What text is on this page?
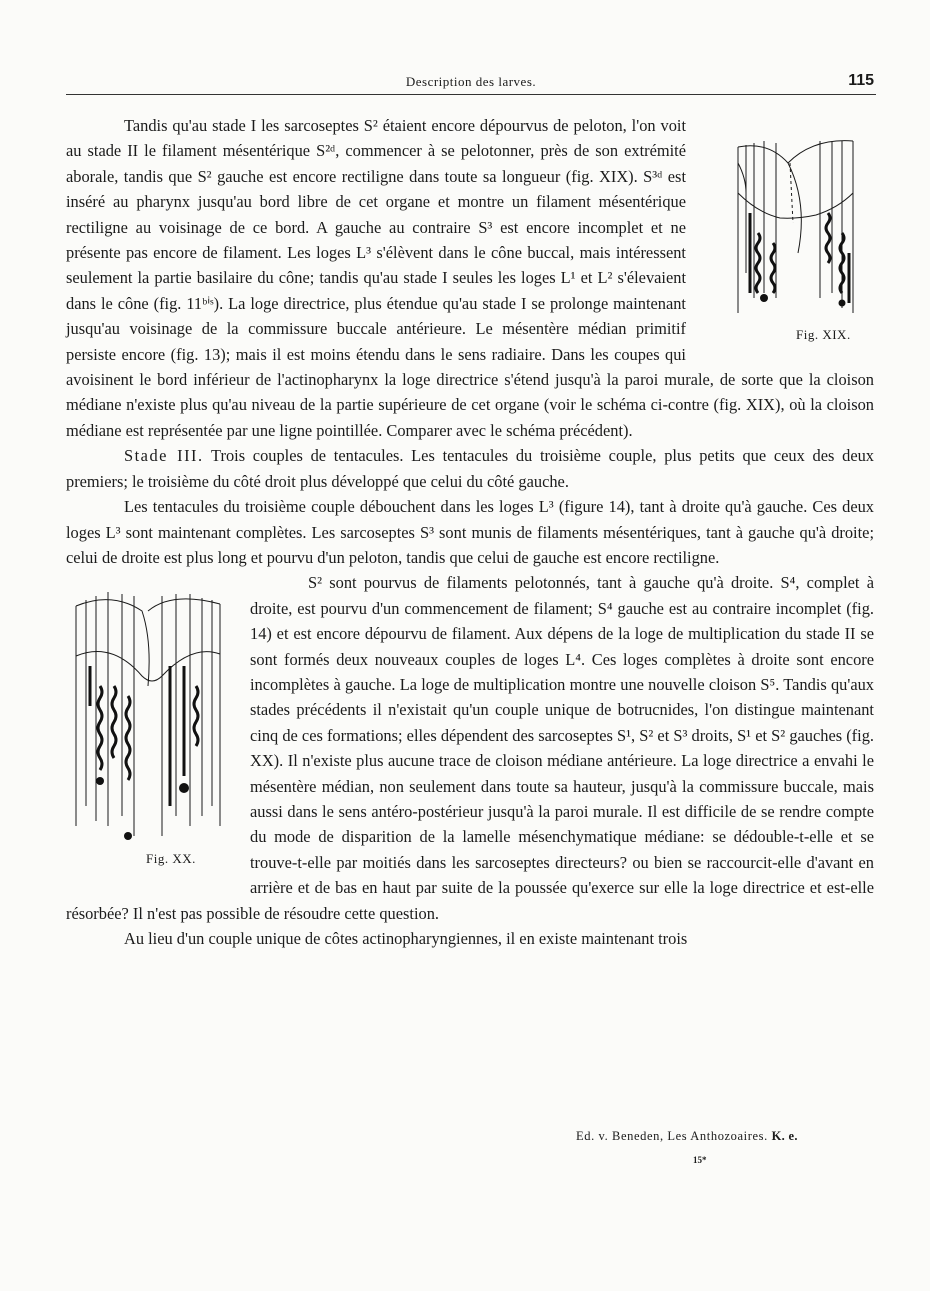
Description des larves.	115

Fig. XIX.
Tandis qu'au stade I les sarcoseptes S² étaient encore dépourvus de peloton, l'on voit au stade II le filament mésentérique S²ᵈ, commencer à se pelotonner, près de son extrémité aborale, tandis que S² gauche est encore rectiligne dans toute sa longueur (fig. XIX). S³ᵈ est inséré au pharynx jusqu'au bord libre de cet organe et montre un filament mésentérique rectiligne au voisinage de ce bord. A gauche au contraire S³ est encore incomplet et ne présente pas encore de filament. Les loges L³ s'élèvent dans le cône buccal, mais intéressent seulement la partie basilaire du cône; tandis qu'au stade I seules les loges L¹ et L² s'élevaient dans le cône (fig. 11ᵇⁱˢ). La loge directrice, plus étendue qu'au stade I se prolonge maintenant jusqu'au voisinage de la commissure buccale antérieure. Le mésentère médian primitif persiste encore (fig. 13); mais il est moins étendu dans le sens radiaire. Dans les coupes qui avoisinent le bord inférieur de l'actinopharynx la loge directrice s'étend jusqu'à la paroi murale, de sorte que la cloison médiane n'existe plus qu'au niveau de la partie supérieure de cet organe (voir le schéma ci-contre (fig. XIX), où la cloison médiane est représentée par une ligne pointillée. Comparer avec le schéma précédent).

Stade III. Trois couples de tentacules. Les tentacules du troisième couple, plus petits que ceux des deux premiers; le troisième du côté droit plus développé que celui du côté gauche.

Les tentacules du troisième couple débouchent dans les loges L³ (figure 14), tant à droite qu'à gauche. Ces deux loges L³ sont maintenant complètes. Les sarcoseptes S³ sont munis de filaments mésentériques, tant à gauche qu'à droite; celui de droite est plus long et pourvu d'un peloton, tandis que celui de gauche est encore rectiligne.

Fig. XX.
S² sont pourvus de filaments pelotonnés, tant à gauche qu'à droite. S⁴, complet à droite, est pourvu d'un commencement de filament; S⁴ gauche est au contraire incomplet (fig. 14) et est encore dépourvu de filament. Aux dépens de la loge de multiplication du stade II se sont formés deux nouveaux couples de loges L⁴. Ces loges complètes à droite sont encore incomplètes à gauche. La loge de multiplication montre une nouvelle cloison S⁵. Tandis qu'aux stades précédents il n'existait qu'un couple unique de botrucnides, l'on distingue maintenant cinq de ces formations; elles dépendent des sarcoseptes S¹, S² et S³ droits, S¹ et S² gauches (fig. XX). Il n'existe plus aucune trace de cloison médiane antérieure. La loge directrice a envahi le mésentère médian, non seulement dans toute sa hauteur, jusqu'à la commissure buccale, mais aussi dans le sens antéro-postérieur jusqu'à la paroi murale. Il est difficile de se rendre compte du mode de disparition de la lamelle mésenchymatique médiane: se dédouble-t-elle et se trouve-t-elle par moitiés dans les sarcoseptes directeurs? ou bien se raccourcit-elle d'avant en arrière et de bas en haut par suite de la poussée qu'exerce sur elle la loge directrice et est-elle résorbée? Il n'est pas possible de résoudre cette question.

Au lieu d'un couple unique de côtes actinopharyngiennes, il en existe maintenant trois

Ed. v. Beneden, Les Anthozoaires. K. e.
15*
